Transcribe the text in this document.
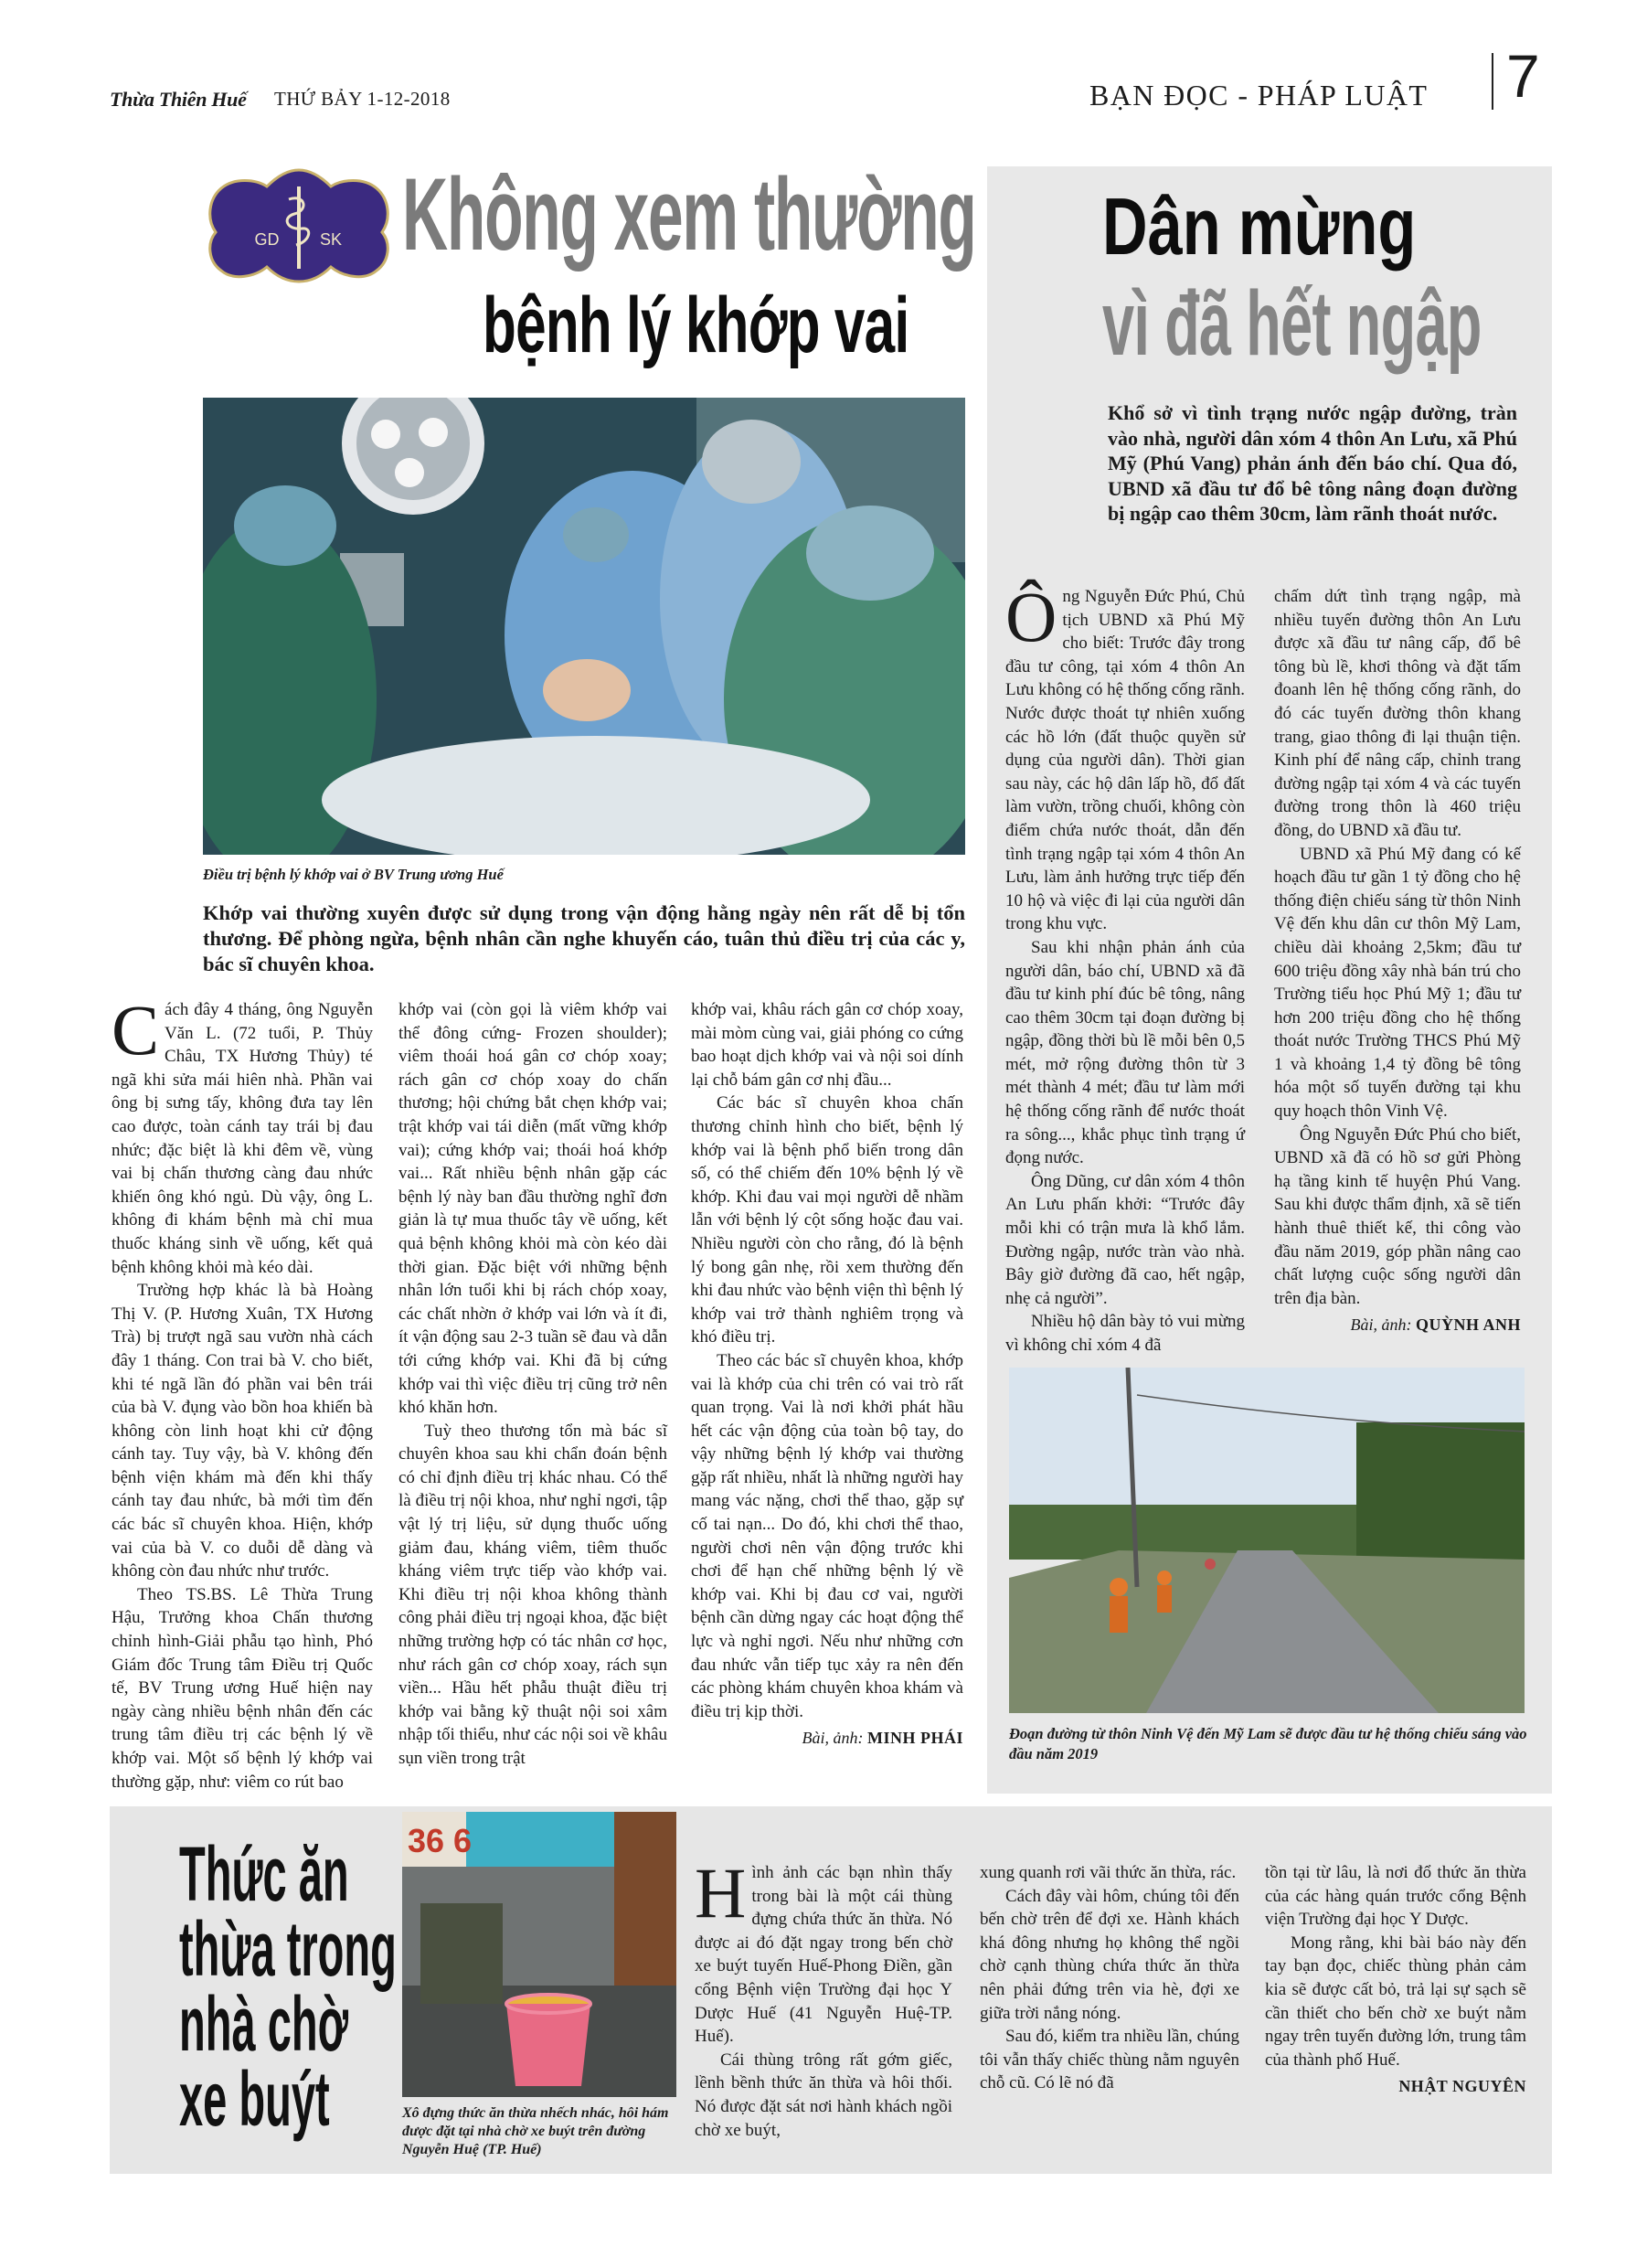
Thừa Thiên Huế THỨ BẢY 1-12-2018	BẠN ĐỌC - PHÁP LUẬT 7
GD SK Không xem thường
bệnh lý khớp vai
Điều trị bệnh lý khớp vai ở BV Trung ương Huế
Khớp vai thường xuyên được sử dụng trong vận động hằng ngày nên rất dễ bị tổn thương. Để phòng ngừa, bệnh nhân cần nghe khuyến cáo, tuân thủ điều trị của các y, bác sĩ chuyên khoa.
C ách đây 4 tháng, ông Nguyễn Văn L. (72 tuổi, P. Thủy Châu, TX Hương Thủy) té ngã khi sửa mái hiên nhà. Phần vai ông bị sưng tấy, không đưa tay lên cao được, toàn cánh tay trái bị đau nhức; đặc biệt là khi đêm về, vùng vai bị chấn thương càng đau nhức khiến ông khó ngủ. Dù vậy, ông L. không đi khám bệnh mà chỉ mua thuốc kháng sinh về uống, kết quả bệnh không khỏi mà kéo dài.

Trường hợp khác là bà Hoàng Thị V. (P. Hương Xuân, TX Hương Trà) bị trượt ngã sau vườn nhà cách đây 1 tháng. Con trai bà V. cho biết, khi té ngã lần đó phần vai bên trái của bà V. đụng vào bồn hoa khiến bà không còn linh hoạt khi cử động cánh tay. Tuy vậy, bà V. không đến bệnh viện khám mà đến khi thấy cánh tay đau nhức, bà mới tìm đến các bác sĩ chuyên khoa. Hiện, khớp vai của bà V. co duỗi dễ dàng và không còn đau nhức như trước.

Theo TS.BS. Lê Thừa Trung Hậu, Trưởng khoa Chấn thương chỉnh hình-Giải phẫu tạo hình, Phó Giám đốc Trung tâm Điều trị Quốc tế, BV Trung ương Huế hiện nay ngày càng nhiều bệnh nhân đến các trung tâm điều trị các bệnh lý về khớp vai. Một số bệnh lý khớp vai thường gặp, như: viêm co rút bao

khớp vai (còn gọi là viêm khớp vai thể đông cứng- Frozen shoulder); viêm thoái hoá gân cơ chóp xoay; rách gân cơ chóp xoay do chấn thương; hội chứng bắt chẹn khớp vai; trật khớp vai tái diễn (mất vững khớp vai); cứng khớp vai; thoái hoá khớp vai... Rất nhiều bệnh nhân gặp các bệnh lý này ban đầu thường nghĩ đơn giản là tự mua thuốc tây về uống, kết quả bệnh không khỏi mà còn kéo dài thời gian. Đặc biệt với những bệnh nhân lớn tuổi khi bị rách chóp xoay, các chất nhờn ở khớp vai lớn và ít đi, ít vận động sau 2-3 tuần sẽ đau và dẫn tới cứng khớp vai. Khi đã bị cứng khớp vai thì việc điều trị cũng trở nên khó khăn hơn.

Tuỳ theo thương tổn mà bác sĩ chuyên khoa sau khi chẩn đoán bệnh có chỉ định điều trị khác nhau. Có thể là điều trị nội khoa, như nghỉ ngơi, tập vật lý trị liệu, sử dụng thuốc uống giảm đau, kháng viêm, tiêm thuốc kháng viêm trực tiếp vào khớp vai. Khi điều trị nội khoa không thành công phải điều trị ngoại khoa, đặc biệt những trường hợp có tác nhân cơ học, như rách gân cơ chóp xoay, rách sụn viền... Hầu hết phẫu thuật điều trị khớp vai bằng kỹ thuật nội soi xâm nhập tối thiểu, như các nội soi về khâu sụn viền trong trật

khớp vai, khâu rách gân cơ chóp xoay, mài mòm cùng vai, giải phóng co cứng bao hoạt dịch khớp vai và nội soi dính lại chỗ bám gân cơ nhị đầu...

Các bác sĩ chuyên khoa chấn thương chỉnh hình cho biết, bệnh lý khớp vai là bệnh phổ biến trong dân số, có thể chiếm đến 10% bệnh lý về khớp. Khi đau vai mọi người dễ nhầm lẫn với bệnh lý cột sống hoặc đau vai. Nhiều người còn cho rằng, đó là bệnh lý bong gân nhẹ, rồi xem thường đến khi đau nhức vào bệnh viện thì bệnh lý khớp vai trở thành nghiêm trọng và khó điều trị.

Theo các bác sĩ chuyên khoa, khớp vai là khớp của chi trên có vai trò rất quan trọng. Vai là nơi khởi phát hầu hết các vận động của toàn bộ tay, do vậy những bệnh lý khớp vai thường gặp rất nhiều, nhất là những người hay mang vác nặng, chơi thể thao, gặp sự cố tai nạn... Do đó, khi chơi thể thao, người chơi nên vận động trước khi chơi để hạn chế những bệnh lý về khớp vai. Khi bị đau cơ vai, người bệnh cần dừng ngay các hoạt động thể lực và nghỉ ngơi. Nếu như những cơn đau nhức vẫn tiếp tục xảy ra nên đến các phòng khám chuyên khoa khám và điều trị kịp thời.

Bài, ảnh: MINH PHÁI
Dân mừng
vì đã hết ngập
Khổ sở vì tình trạng nước ngập đường, tràn vào nhà, người dân xóm 4 thôn An Lưu, xã Phú Mỹ (Phú Vang) phản ánh đến báo chí. Qua đó, UBND xã đầu tư đổ bê tông nâng đoạn đường bị ngập cao thêm 30cm, làm rãnh thoát nước.
Ô ng Nguyễn Đức Phú, Chủ tịch UBND xã Phú Mỹ cho biết: Trước đây trong đầu tư công, tại xóm 4 thôn An Lưu không có hệ thống cống rãnh. Nước được thoát tự nhiên xuống các hồ lớn (đất thuộc quyền sử dụng của người dân). Thời gian sau này, các hộ dân lấp hồ, đổ đất làm vườn, trồng chuối, không còn điểm chứa nước thoát, dẫn đến tình trạng ngập tại xóm 4 thôn An Lưu, làm ảnh hưởng trực tiếp đến 10 hộ và việc đi lại của người dân trong khu vực.

Sau khi nhận phản ánh của người dân, báo chí, UBND xã đã đầu tư kinh phí đúc bê tông, nâng cao thêm 30cm tại đoạn đường bị ngập, đồng thời bù lề mỗi bên 0,5 mét, mở rộng đường thôn từ 3 mét thành 4 mét; đầu tư làm mới hệ thống cống rãnh để nước thoát ra sông..., khắc phục tình trạng ứ đọng nước.

Ông Dũng, cư dân xóm 4 thôn An Lưu phấn khởi: “Trước đây mỗi khi có trận mưa là khổ lắm. Đường ngập, nước tràn vào nhà. Bây giờ đường đã cao, hết ngập, nhẹ cả người”.

Nhiều hộ dân bày tỏ vui mừng vì không chỉ xóm 4 đã

chấm dứt tình trạng ngập, mà nhiều tuyến đường thôn An Lưu được xã đầu tư nâng cấp, đổ bê tông bù lề, khơi thông và đặt tấm đoanh lên hệ thống cống rãnh, do đó các tuyến đường thôn khang trang, giao thông đi lại thuận tiện. Kinh phí để nâng cấp, chỉnh trang đường ngập tại xóm 4 và các tuyến đường trong thôn là 460 triệu đồng, do UBND xã đầu tư.

UBND xã Phú Mỹ đang có kế hoạch đầu tư gần 1 tỷ đồng cho hệ thống điện chiếu sáng từ thôn Ninh Vệ đến khu dân cư thôn Mỹ Lam, chiều dài khoảng 2,5km; đầu tư 600 triệu đồng xây nhà bán trú cho Trường tiểu học Phú Mỹ 1; đầu tư hơn 200 triệu đồng cho hệ thống thoát nước Trường THCS Phú Mỹ 1 và khoảng 1,4 tỷ đồng bê tông hóa một số tuyến đường tại khu quy hoạch thôn Vinh Vệ.

Ông Nguyễn Đức Phú cho biết, UBND xã đã có hồ sơ gửi Phòng hạ tầng kinh tế huyện Phú Vang. Sau khi được thẩm định, xã sẽ tiến hành thuê thiết kế, thi công vào đầu năm 2019, góp phần nâng cao chất lượng cuộc sống người dân trên địa bàn.

Bài, ảnh: QUỲNH ANH
Đoạn đường từ thôn Ninh Vệ đến Mỹ Lam sẽ được đầu tư hệ thống chiếu sáng vào đầu năm 2019
Thức ăn
thừa trong
nhà chờ
xe buýt
36 6
Xô đựng thức ăn thừa nhếch nhác, hôi hám được đặt tại nhà chờ xe buýt trên đường Nguyễn Huệ (TP. Huế)
H ình ảnh các bạn nhìn thấy trong bài là một cái thùng đựng chứa thức ăn thừa. Nó được ai đó đặt ngay trong bến chờ xe buýt tuyến Huế-Phong Điền, gần cổng Bệnh viện Trường đại học Y Dược Huế (41 Nguyễn Huệ-TP. Huế).

Cái thùng trông rất gớm giếc, lềnh bềnh thức ăn thừa và hôi thối. Nó được đặt sát nơi hành khách ngồi chờ xe buýt,

xung quanh rơi vãi thức ăn thừa, rác.

Cách đây vài hôm, chúng tôi đến bến chờ trên để đợi xe. Hành khách khá đông nhưng họ không thể ngồi chờ cạnh thùng chứa thức ăn thừa nên phải đứng trên via hè, đợi xe giữa trời nắng nóng.

Sau đó, kiểm tra nhiều lần, chúng tôi vẫn thấy chiếc thùng nằm nguyên chỗ cũ. Có lẽ nó đã

tồn tại từ lâu, là nơi đổ thức ăn thừa của các hàng quán trước cổng Bệnh viện Trường đại học Y Dược.

Mong rằng, khi bài báo này đến tay bạn đọc, chiếc thùng phản cảm kia sẽ được cất bỏ, trả lại sự sạch sẽ cần thiết cho bến chờ xe buýt nằm ngay trên tuyến đường lớn, trung tâm của thành phố Huế.

NHẬT NGUYÊN
